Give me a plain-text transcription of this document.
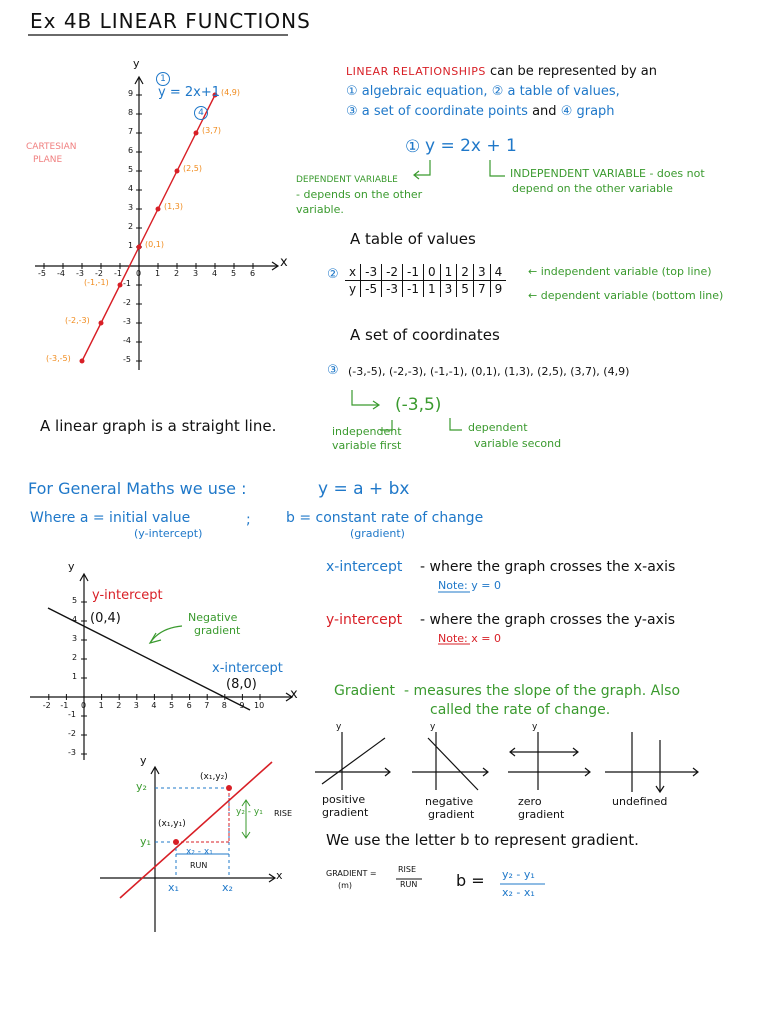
Ex 4B LINEAR FUNCTIONS
y
x
1
y = 2x+1
4
CARTESIAN
PLANE
-5 -4 -3 -2 -1 0 1 2 3 4 5 6
9
8
7
6
5
4
3
2
1
-1
-2
-3
-4
-5
(4,9)
(3,7)
(2,5)
(1,3)
(0,1)
(-1,-1)
(-2,-3)
(-3,-5)
LINEAR RELATIONSHIPS can be represented by an
① algebraic equation, ② a table of values,
③ a set of coordinate points and ④ graph
① y = 2x + 1
DEPENDENT VARIABLE
- depends on the other
variable.
INDEPENDENT VARIABLE - does not
depend on the other variable
A table of values
② x	-3	-2	-1	0	1	2	3	4
y	-5	-3	-1	1	3	5	7	9
← independent variable (top line)
← dependent variable (bottom line)
A set of coordinates
③ (-3,-5), (-2,-3), (-1,-1), (0,1), (1,3), (2,5), (3,7), (4,9)
(-3,5)
independent
variable first
dependent
variable second
A linear graph is a straight line.
For General Maths we use :	y = a + bx
Where a = initial value	;	b = constant rate of change
(y-intercept)	(gradient)
y
x
y-intercept
(0,4)	Negative
gradient
x-intercept
(8,0)
-2 -1 0 1 2 3 4 5 6 7 8 9 10
5
4
3
2
1
-1
-2
-3
x-intercept - where the graph crosses the x-axis
Note: y = 0
y-intercept - where the graph crosses the y-axis
Note: x = 0
Gradient - measures the slope of the graph. Also
called the rate of change.
y	y	y
positive
gradient
negative
gradient
zero
gradient
undefined
We use the letter b to represent gradient.
GRADIENT =
(m)
RISE
RUN b = y₂ - y₁
x₂ - x₁
y
x
y₂
y₁
x₁	x₂
(x₁,y₁)
(x₁,y₂)
y₂ - y₁ RISE
x₂ - x₁
RUN
